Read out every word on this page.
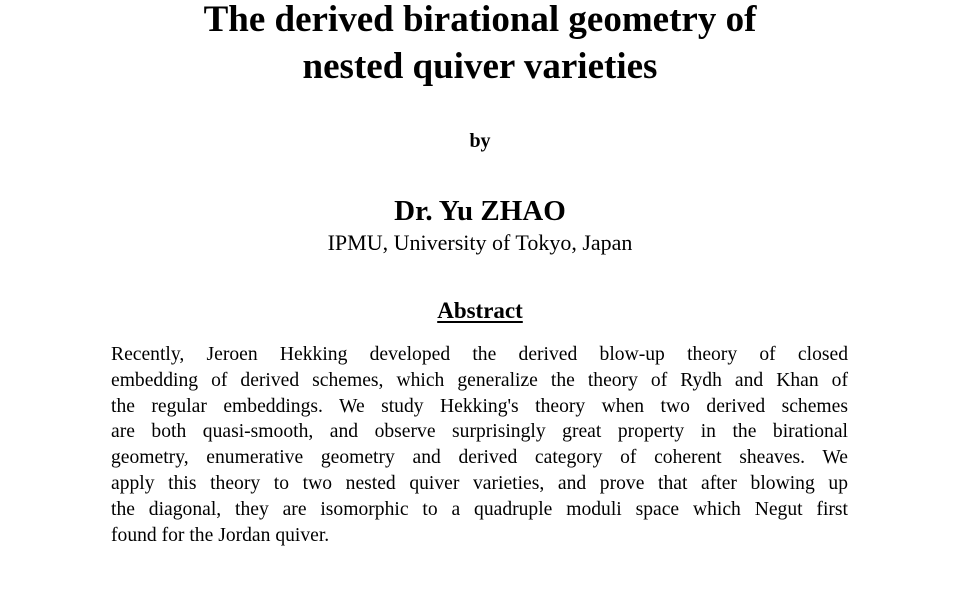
The derived birational geometry of
nested quiver varieties
by
Dr. Yu ZHAO
IPMU, University of Tokyo, Japan
Abstract
Recently, Jeroen Hekking developed the derived blow-up theory of closed
embedding of derived schemes, which generalize the theory of Rydh and Khan of
the regular embeddings. We study Hekking's theory when two derived schemes
are both quasi-smooth, and observe surprisingly great property in the birational
geometry, enumerative geometry and derived category of coherent sheaves. We
apply this theory to two nested quiver varieties, and prove that after blowing up
the diagonal, they are isomorphic to a quadruple moduli space which Negut first
found for the Jordan quiver.
